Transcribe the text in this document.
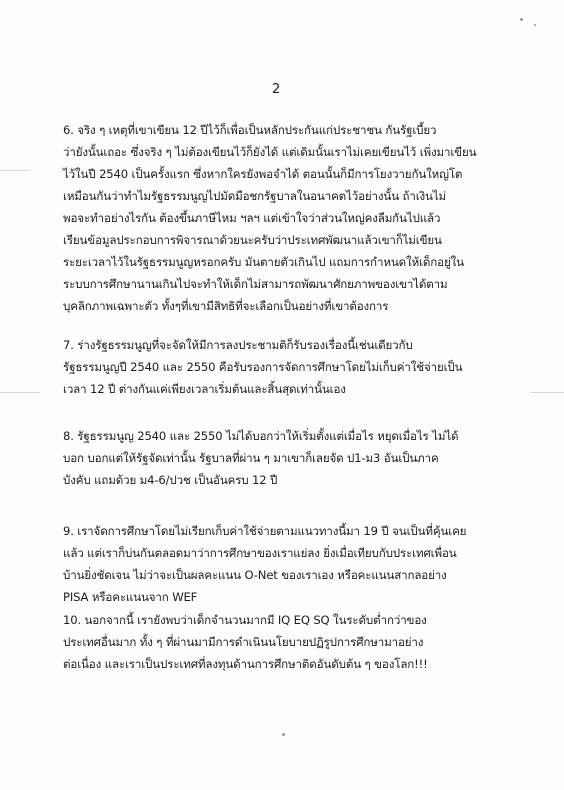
2
6. จริง ๆ เหตุที่เขาเขียน 12 ปีไว้ก็เพื่อเป็นหลักประกันแก่ประชาชน กันรัฐเบี้ยว
ว่ายังนั้นเถอะ ซึ่งจริง ๆ ไม่ต้องเขียนไว้ก็ยังได้ แต่เดิมนั้นเราไม่เคยเขียนไว้ เพิ่งมาเขียน
ไว้ในปี 2540 เป็นครั้งแรก ซึ่งหากใครยังพอจำได้ ตอนนั้นก็มีการโยงวายกันใหญ่โต
เหมือนกันว่าทำไมรัฐธรรมนูญไปมัดมือชกรัฐบาลในอนาคตไว้อย่างนั้น ถ้าเงินไม่
พอจะทำอย่างไรกัน ต้องขึ้นภาษีไหม ฯลฯ แต่เข้าใจว่าส่วนใหญ่คงลืมกันไปแล้ว
เรียนข้อมูลประกอบการพิจารณาด้วยนะครับว่าประเทศพัฒนาแล้วเขาก็ไม่เขียน
ระยะเวลาไว้ในรัฐธรรมนูญหรอกครับ มันตายตัวเกินไป แถมการกำหนดให้เด็กอยู่ใน
ระบบการศึกษานานเกินไปจะทำให้เด็กไม่สามารถพัฒนาศักยภาพของเขาได้ตาม
บุคลิกภาพเฉพาะตัว ทั้งๆที่เขามีสิทธิที่จะเลือกเป็นอย่างที่เขาต้องการ
7. ร่างรัฐธรรมนูญที่จะจัดให้มีการลงประชามติก็รับรองเรื่องนี้เช่นเดียวกับ
รัฐธรรมนูญปี 2540 และ 2550 คือรับรองการจัดการศึกษาโดยไม่เก็บค่าใช้จ่ายเป็น
เวลา 12 ปี ต่างกันแค่เพียงเวลาเริ่มต้นและสิ้นสุดเท่านั้นเอง
8. รัฐธรรมนูญ 2540 และ 2550 ไม่ได้บอกว่าให้เริ่มตั้งแต่เมื่อไร หยุดเมื่อไร ไม่ได้
บอก บอกแต่ให้รัฐจัดเท่านั้น รัฐบาลที่ผ่าน ๆ มาเขาก็เลยจัด ป1-ม3 อันเป็นภาค
บังคับ แถมด้วย ม4-6/ปวช เป็นอันครบ 12 ปี
9. เราจัดการศึกษาโดยไม่เรียกเก็บค่าใช้จ่ายตามแนวทางนี้มา 19 ปี จนเป็นที่คุ้นเคย
แล้ว แต่เราก็บ่นกันตลอดมาว่าการศึกษาของเราแย่ลง ยิ่งเมื่อเทียบกับประเทศเพื่อน
บ้านยิ่งชัดเจน ไม่ว่าจะเป็นผลคะแนน O-Net ของเราเอง หรือคะแนนสากลอย่าง
PISA หรือคะแนนจาก WEF
10. นอกจากนี้ เรายังพบว่าเด็กจำนวนมากมี IQ EQ SQ ในระดับต่ำกว่าของ
ประเทศอื่นมาก ทั้ง ๆ ที่ผ่านมามีการดำเนินนโยบายปฏิรูปการศึกษามาอย่าง
ต่อเนื่อง และเราเป็นประเทศที่ลงทุนด้านการศึกษาติดอันดับต้น ๆ ของโลก!!!
